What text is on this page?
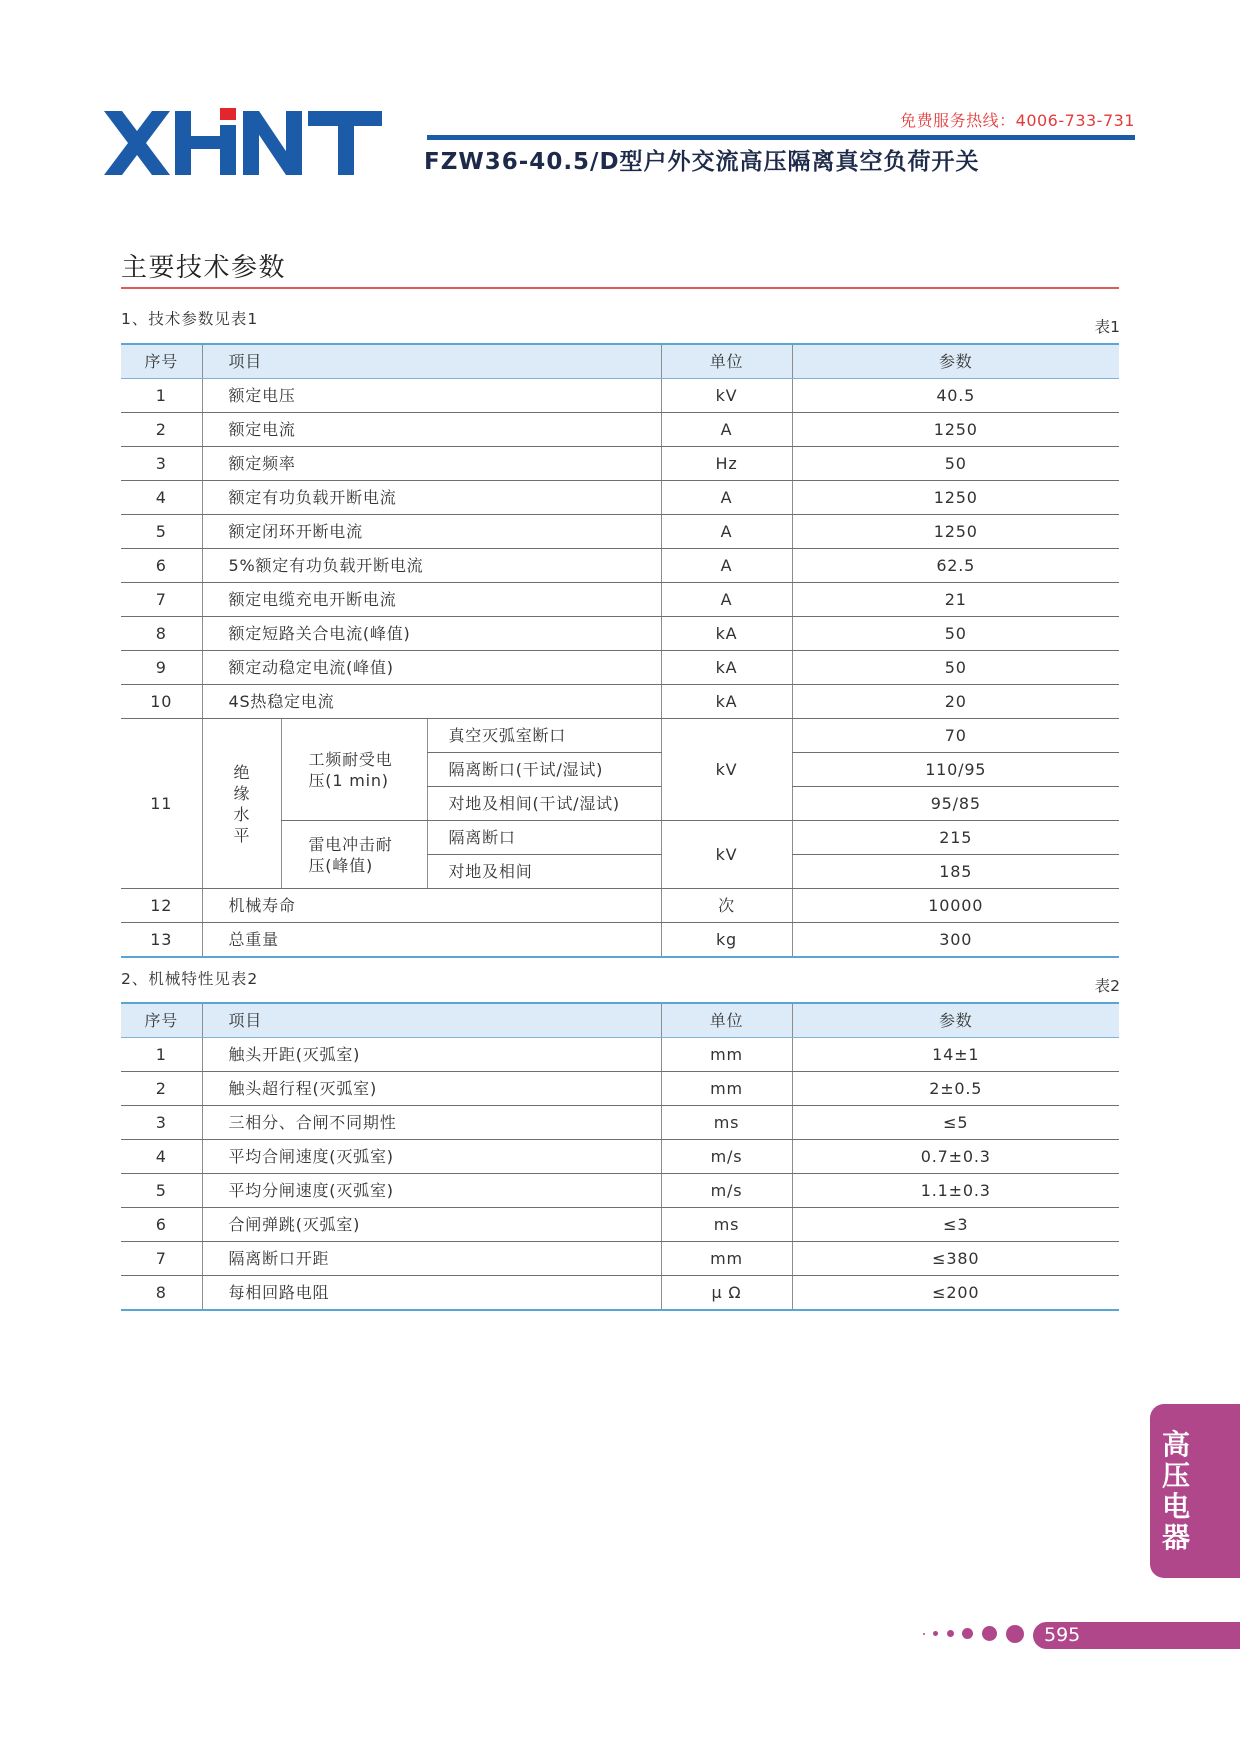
免费服务热线：4006-733-731
FZW36-40.5/D型户外交流高压隔离真空负荷开关
主要技术参数
1、技术参数见表1	表1
序号	项目			单位	参数
1	额定电压			kV	40.5
2	额定电流			A	1250
3	额定频率			Hz	50
4	额定有功负载开断电流			A	1250
5	额定闭环开断电流			A	1250
6	5%额定有功负载开断电流			A	62.5
7	额定电缆充电开断电流			A	21
8	额定短路关合电流(峰值)			kA	50
9	额定动稳定电流(峰值)			kA	50
10	4S热稳定电流			kA	20
11	绝缘水平	工频耐受电压(1 min)	真空灭弧室断口	kV	70
			隔离断口(干试/湿试)		110/95
			对地及相间(干试/湿试)		95/85
		雷电冲击耐压(峰值)	隔离断口	kV	215
			对地及相间		185
12	机械寿命			次	10000
13	总重量			kg	300
2、机械特性见表2	表2
序号	项目	单位	参数
1	触头开距(灭弧室)	mm	14±1
2	触头超行程(灭弧室)	mm	2±0.5
3	三相分、合闸不同期性	ms	≤5
4	平均合闸速度(灭弧室)	m/s	0.7±0.3
5	平均分闸速度(灭弧室)	m/s	1.1±0.3
6	合闸弹跳(灭弧室)	ms	≤3
7	隔离断口开距	mm	≤380
8	每相回路电阻	μ Ω	≤200
高压电器
595
